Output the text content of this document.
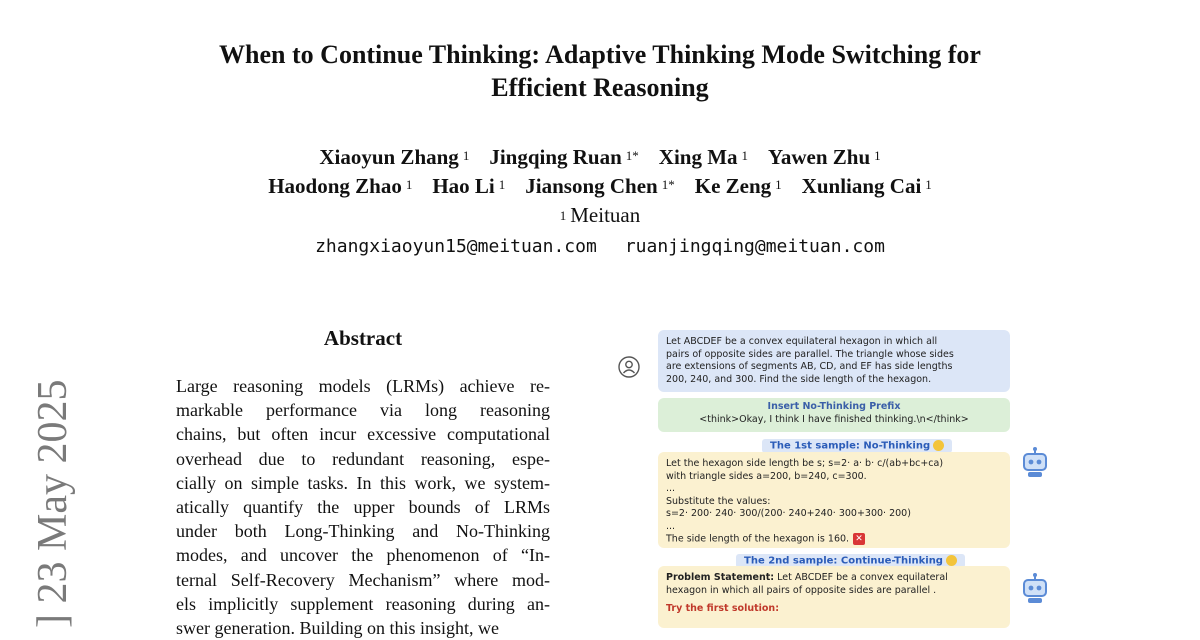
When to Continue Thinking: Adaptive Thinking Mode Switching for
Efficient Reasoning
Xiaoyun Zhang $^1$ Jingqing Ruan $^{1*}$ Xing Ma $^1$ Yawen Zhu $^1$
Haodong Zhao $^1$ Hao Li $^1$ Jiansong Chen $^{1*}$ Ke Zeng $^1$ Xunliang Cai $^1$
$^1$ Meituan
zhangxiaoyun15@meituan.com ruanjingqing@meituan.com
] 23 May 2025
Abstract
Large reasoning models (LRMs) achieve re-
markable performance via long reasoning
chains, but often incur excessive computational
overhead due to redundant reasoning, espe-
cially on simple tasks. In this work, we system-
atically quantify the upper bounds of LRMs
under both Long-Thinking and No-Thinking
modes, and uncover the phenomenon of “In-
ternal Self-Recovery Mechanism” where mod-
els implicitly supplement reasoning during an-
swer generation. Building on this insight, we
Let ABCDEF be a convex equilateral hexagon in which all
pairs of opposite sides are parallel. The triangle whose sides
are extensions of segments AB, CD, and EF has side lengths
200, 240, and 300. Find the side length of the hexagon.
Insert No-Thinking Prefix
<think>Okay, I think I have finished thinking.\n</think>
The 1st sample: No-Thinking
Let the hexagon side length be s; s=2· a· b· c/(ab+bc+ca)
with triangle sides a=200, b=240, c=300.
...
Substitute the values:
s=2· 200· 240· 300/(200· 240+240· 300+300· 200)
...
The side length of the hexagon is 160. ✕
The 2nd sample: Continue-Thinking
Problem Statement: Let ABCDEF be a convex equilateral
hexagon in which all pairs of opposite sides are parallel .
Try the first solution:
